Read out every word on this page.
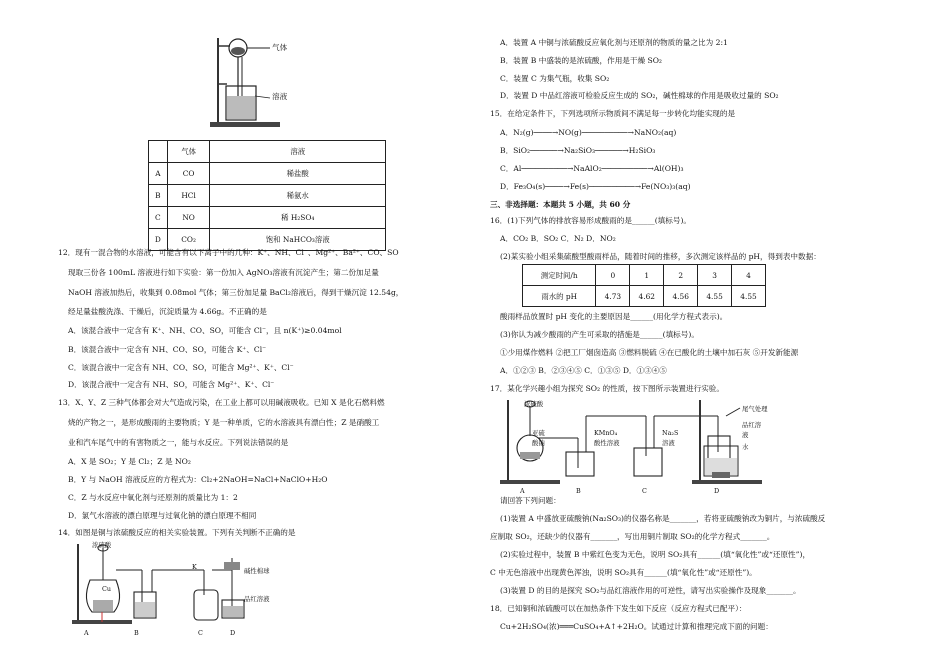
气体
溶液
	气体	溶液
A	CO	稀盐酸
B	HCl	稀氨水
C	NO	稀 H₂SO₄
D	CO₂	饱和 NaHCO₃溶液
12．现有一混合物的水溶液，可能含有以下离子中的几种：K⁺、NH、Cl⁻、Mg²⁺、Ba²⁺、CO、SO
现取三份各 100mL 溶液进行如下实验：第一份加入 AgNO₃溶液有沉淀产生；第二份加足量
NaOH 溶液加热后，收集到 0.08mol 气体；第三份加足量 BaCl₂溶液后，得到干燥沉淀 12.54g，
经足量盐酸洗涤、干燥后，沉淀质量为 4.66g。不正确的是
A．该混合液中一定含有 K⁺、NH、CO、SO，可能含 Cl⁻，且 n(K⁺)≥0.04mol
B．该混合液中一定含有 NH、CO、SO，可能含 K⁺、Cl⁻
C．该混合液中一定含有 NH、CO、SO，可能含 Mg²⁺、K⁺、Cl⁻
D．该混合液中一定含有 NH、SO，可能含 Mg²⁺、K⁺、Cl⁻
13．X、Y、Z 三种气体都会对大气造成污染，在工业上都可以用碱液吸收。已知 X 是化石燃料燃
烧的产物之一，是形成酸雨的主要物质；Y 是一种单质，它的水溶液具有漂白性；Z 是硝酸工
业和汽车尾气中的有害物质之一，能与水反应。下列说法错误的是
A．X 是 SO₂；Y 是 Cl₂；Z 是 NO₂
B．Y 与 NaOH 溶液反应的方程式为：Cl₂+2NaOH=NaCl+NaClO+H₂O
C．Z 与水反应中氧化剂与还原剂的质量比为 1：2
D．氯气水溶液的漂白原理与过氧化钠的漂白原理不相同
14．如图是铜与浓硫酸反应的相关实验装置。下列有关判断不正确的是
浓硫酸
Cu
K	碱性棉球
品红溶液
A	B	C	D
A．装置 A 中铜与浓硫酸反应氧化剂与还原剂的物质的量之比为 2:1
B．装置 B 中盛装的是浓硫酸，作用是干燥 SO₂
C．装置 C 为集气瓶，收集 SO₂
D．装置 D 中品红溶液可检验反应生成的 SO₂，碱性棉球的作用是吸收过量的 SO₂
15．在给定条件下，下列选项所示物质间不满足每一步转化均能实现的是
A．N₂(g)────→NO(g)──────────→NaNO₂(aq)
B．SiO₂──────→Na₂SiO₃──────→H₂SiO₃
C．Al──────────→NaAlO₂──────────→Al(OH)₃
D．Fe₃O₄(s)────→Fe(s)──────────→Fe(NO₃)₃(aq)
三、非选择题：本题共 5 小题，共 60 分
16．(1)下列气体的排放容易形成酸雨的是______(填标号)。
A．CO₂ B．SO₂ C．N₂ D．NO₂
(2)某实验小组采集硫酸型酸雨样品，随着时间的推移，多次测定该样品的 pH，得到表中数据：
测定时间/h	0	1	2	3	4
雨水的 pH	4.73	4.62	4.56	4.55	4.55
酸雨样品放置时 pH 变化的主要原因是______(用化学方程式表示)。
(3)你认为减少酸雨的产生可采取的措施是______(填标号)。
①少用煤作燃料 ②把工厂烟囱造高 ③燃料脱硫 ④在已酸化的土壤中加石灰 ⑤开发新能源
A．①②③ B．②③④⑤ C．①③⑤ D．①③④⑤
17．某化学兴趣小组为探究 SO₂ 的性质，按下图所示装置进行实验。
浓硫酸
亚硫
酸钠
KMnO₄
酸性溶液
Na₂S
溶液
尾气处理
品红溶
液
水
A	B	C	D
请回答下列问题：
(1)装置 A 中盛放亚硫酸钠(Na₂SO₃)的仪器名称是_______，若将亚硫酸钠改为铜片，与浓硫酸反
应制取 SO₂，还缺少的仪器有_______，写出用铜片制取 SO₂的化学方程式_______。
(2)实验过程中，装置 B 中紫红色变为无色，说明 SO₂具有______(填“氧化性”或“还原性”)，
C 中无色溶液中出现黄色浑浊，说明 SO₂具有______(填“氧化性”或“还原性”)。
(3)装置 D 的目的是探究 SO₂与品红溶液作用的可逆性，请写出实验操作及现象_______。
18．已知铜和浓硫酸可以在加热条件下发生如下反应（反应方程式已配平）：
Cu+2H₂SO₄(浓)═══CuSO₄+A↑+2H₂O。试通过计算和推理完成下面的问题：
